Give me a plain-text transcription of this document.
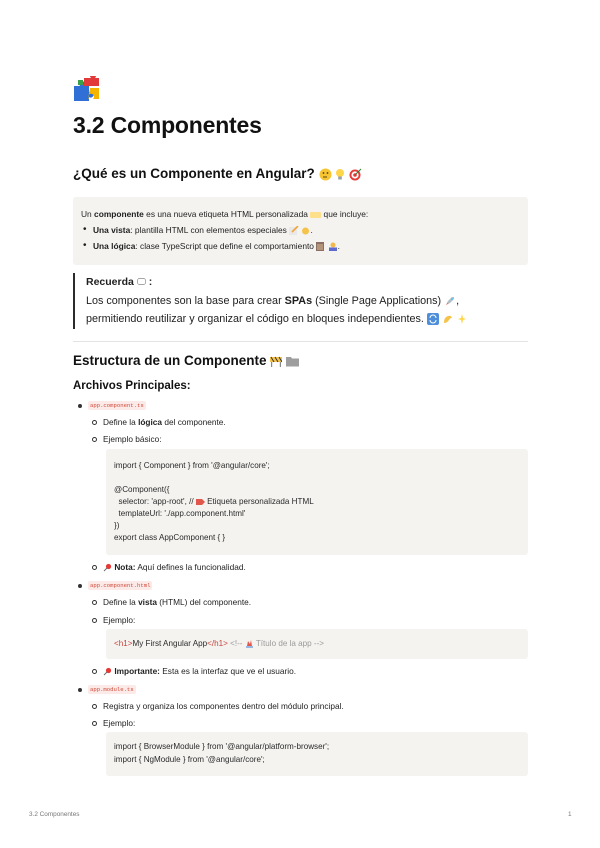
3.2 Componentes
¿Qué es un Componente en Angular?
Un componente es una nueva etiqueta HTML personalizada  que incluye:
• Una vista: plantilla HTML con elementos especiales	.
• Una lógica: clase TypeScript que define el comportamiento	.
Recuerda  :
Los componentes son la base para crear SPAs (Single Page Applications) ,
permitiendo reutilizar y organizar el código en bloques independientes.
Estructura de un Componente
Archivos Principales:
app.component.ts
Define la lógica del componente.
Ejemplo básico:
import { Component } from '@angular/core';
@Component({
selector: 'app-root', //  Etiqueta personalizada HTML
templateUrl: './app.component.html'
})
export class AppComponent { }
Nota: Aquí defines la funcionalidad.
app.component.html
Define la vista (HTML) del componente.
Ejemplo:
<h1>My First Angular App</h1> <!--  Título de la app -->
Importante: Esta es la interfaz que ve el usuario.
app.module.ts
Registra y organiza los componentes dentro del módulo principal.
Ejemplo:
import { BrowserModule } from '@angular/platform-browser';
import { NgModule } from '@angular/core';
3.2 Componentes	1
